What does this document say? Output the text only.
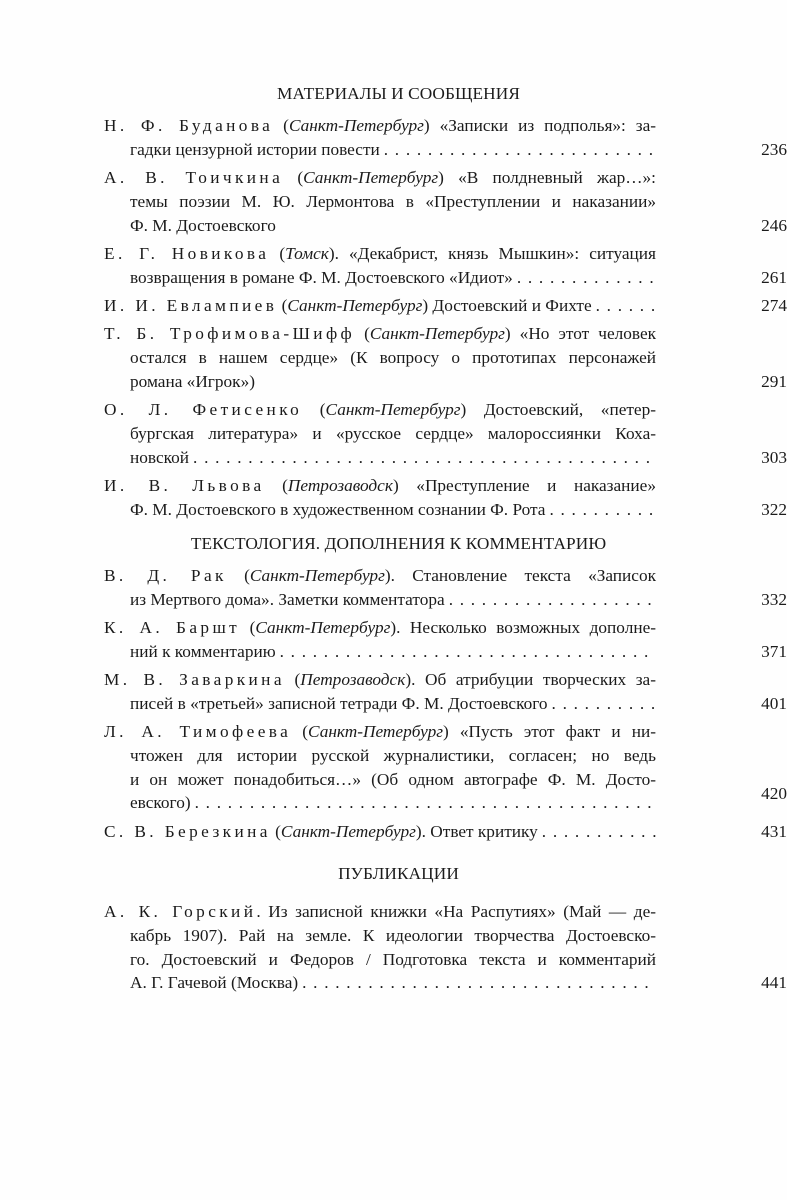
МАТЕРИАЛЫ И СООБЩЕНИЯ
Н. Ф. Буданова (Санкт-Петербург) «Записки из подполья»: за-
гадки цензурной истории повести . . .	236
А. В. Тоичкина (Санкт-Петербург) «В полдневный жар…»:
темы поэзии М. Ю. Лермонтова в «Преступлении и наказании»
Ф. М. Достоевского	246
Е. Г. Новикова (Томск). «Декабрист, князь Мышкин»: ситуация
возвращения в романе Ф. М. Достоевского «Идиот» . . .	261
И. И. Евлампиев ( Санкт-Петербург ) Достоевский и Фихте . . .	274
Т. Б. Трофимова-Шифф (Санкт-Петербург) «Но этот человек
остался в нашем сердце» (К вопросу о прототипах персонажей
романа «Игрок»)	291
О. Л. Фетисенко (Санкт-Петербург) Достоевский, «петер-
бургская литература» и «русское сердце» малороссиянки Коха-
новской . . .	303
И. В. Львова (Петрозаводск) «Преступление и наказание»
Ф. М. Достоевского в художественном сознании Ф. Рота . . .	322
ТЕКСТОЛОГИЯ. ДОПОЛНЕНИЯ К КОММЕНТАРИЮ
В. Д. Рак (Санкт-Петербург). Становление текста «Записок
из Мертвого дома». Заметки комментатора . . .	332
К. А. Баршт (Санкт-Петербург). Несколько возможных дополне-
ний к комментарию . . .	371
М. В. Заваркина (Петрозаводск). Об атрибуции творческих за-
писей в «третьей» записной тетради Ф. М. Достоевского . . .	401
Л. А. Тимофеева (Санкт-Петербург) «Пусть этот факт и ни-
чтожен для истории русской журналистики, согласен; но ведь
и он может понадобиться…» (Об одном автографе Ф. М. Досто-
евского) . . .	420
С. В. Березкина ( Санкт-Петербург ). Ответ критику . . .	431
ПУБЛИКАЦИИ
А. К. Горский. Из записной книжки «На Распутиях» (Май — де-
кабрь 1907). Рай на земле. К идеологии творчества Достоевско-
го. Достоевский и Федоров / Подготовка текста и комментарий
А. Г. Гачевой (Москва) . . .	441
